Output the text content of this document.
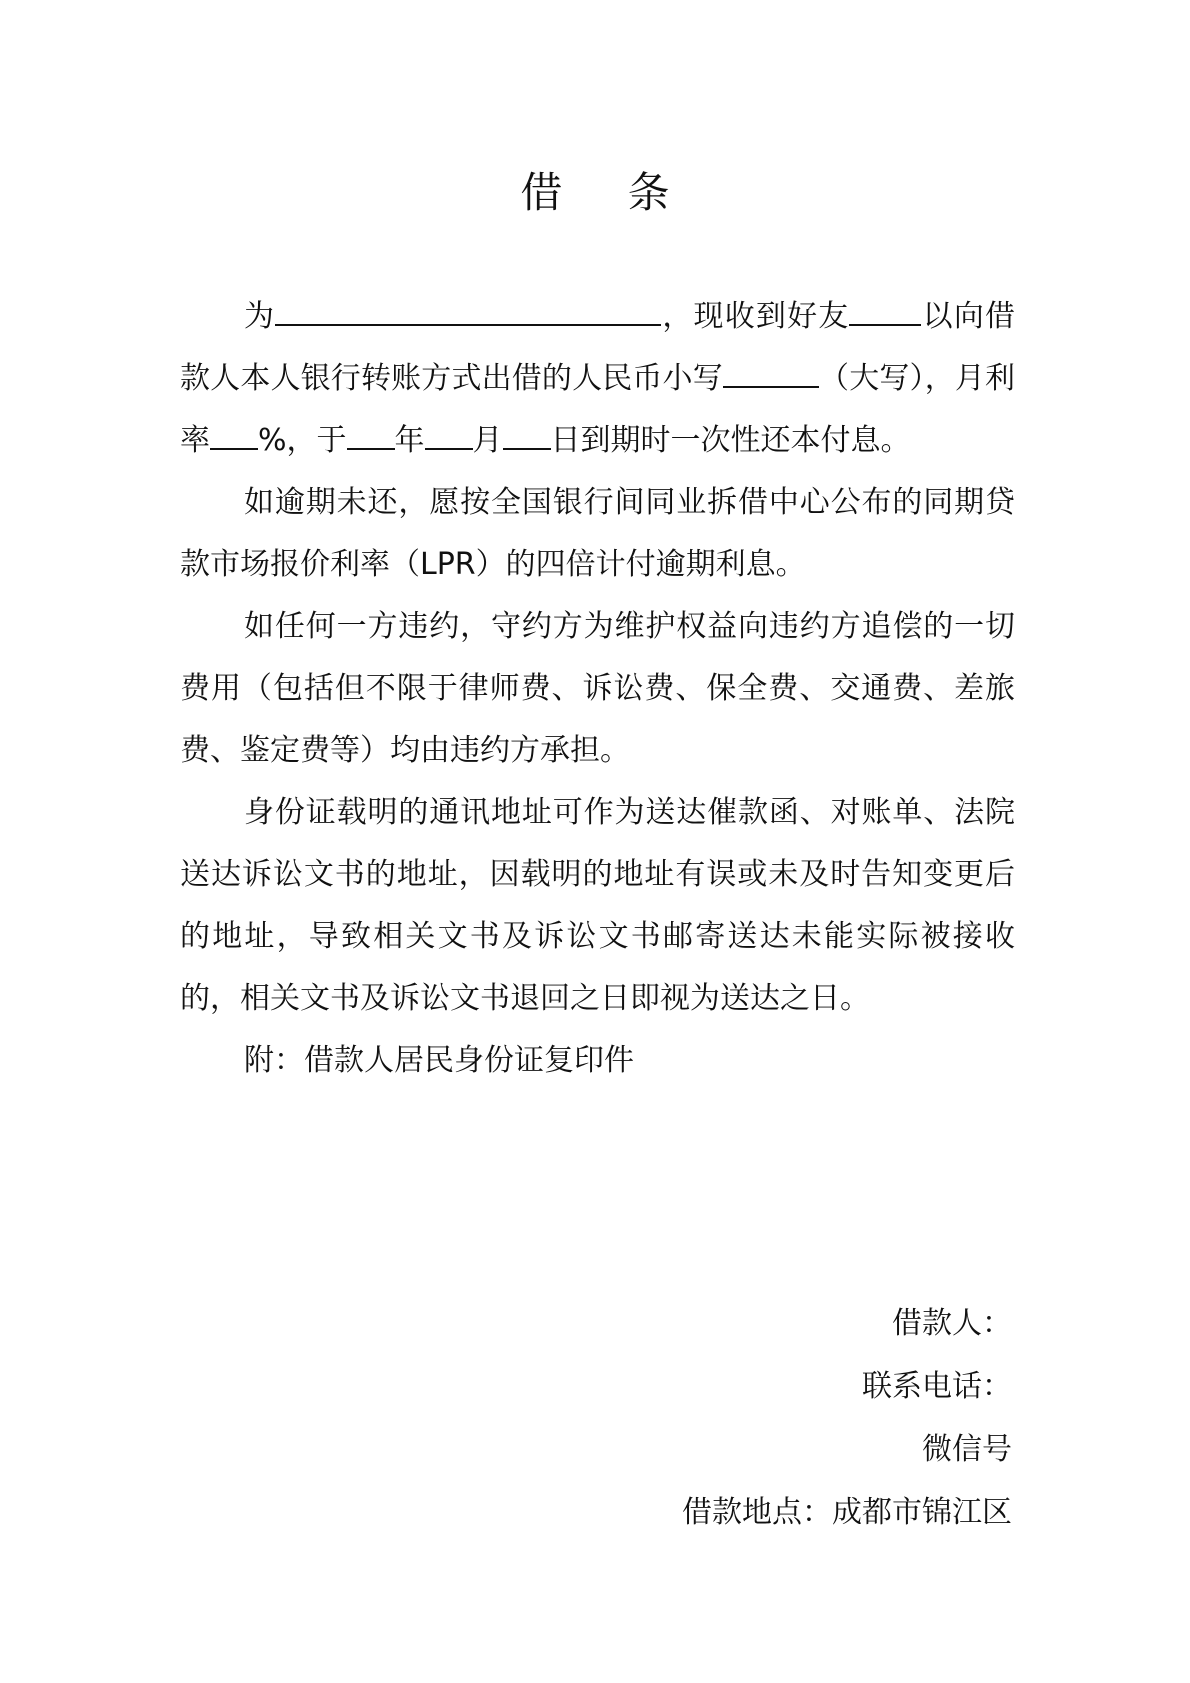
借 条

为	，现收到好友 以向借款人本人银行转账方式出借的人民币小写	（大写），月利率 %，于 年 月 日到期时一次性还本付息。

如逾期未还，愿按全国银行间同业拆借中心公布的同期贷款市场报价利率（LPR）的四倍计付逾期利息。

如任何一方违约，守约方为维护权益向违约方追偿的一切费用（包括但不限于律师费、诉讼费、保全费、交通费、差旅费、鉴定费等）均由违约方承担。

身份证载明的通讯地址可作为送达催款函、对账单、法院送达诉讼文书的地址，因载明的地址有误或未及时告知变更后的地址，导致相关文书及诉讼文书邮寄送达未能实际被接收的，相关文书及诉讼文书退回之日即视为送达之日。

附：借款人居民身份证复印件

借款人：
联系电话：
微信号
借款地点：成都市锦江区
